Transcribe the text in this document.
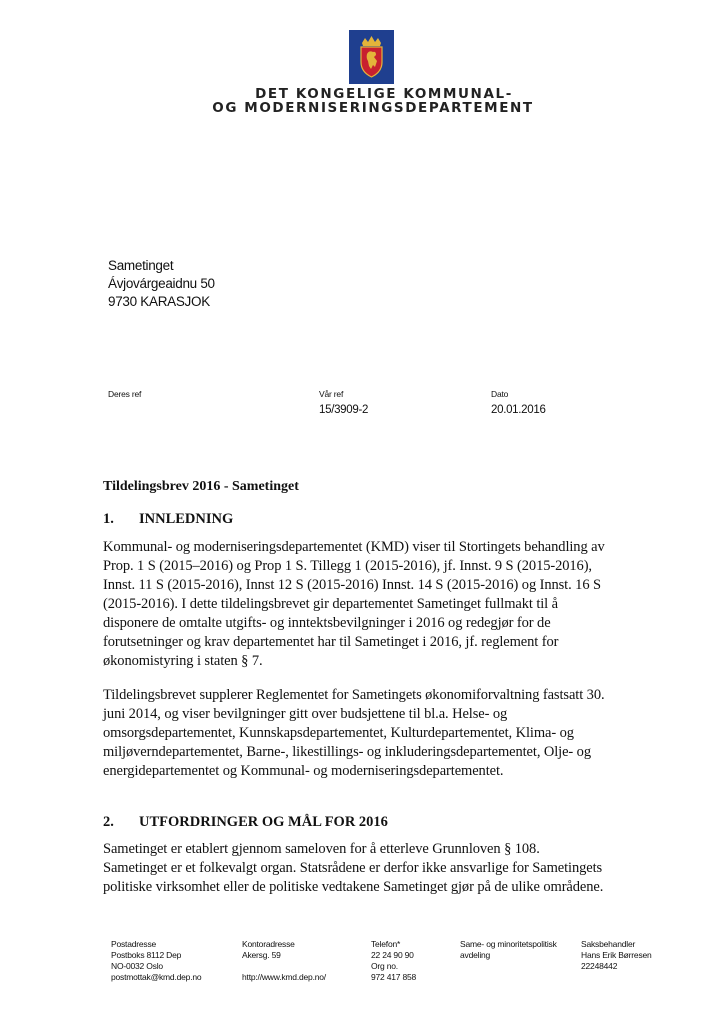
DET KONGELIGE KOMMUNAL-
OG MODERNISERINGSDEPARTEMENT
Sametinget
Ávjovárgeaidnu 50
9730 KARASJOK
Deres ref	Vår ref
15/3909-2
Dato
20.01.2016
Tildelingsbrev 2016 - Sametinget
1. INNLEDNING
Kommunal- og moderniseringsdepartementet (KMD) viser til Stortingets behandling av
Prop. 1 S (2015–2016) og Prop 1 S. Tillegg 1 (2015-2016), jf. Innst. 9 S (2015-2016),
Innst. 11 S (2015-2016), Innst 12 S (2015-2016) Innst. 14 S (2015-2016) og Innst. 16 S
(2015-2016). I dette tildelingsbrevet gir departementet Sametinget fullmakt til å
disponere de omtalte utgifts- og inntektsbevilgninger i 2016 og redegjør for de
forutsetninger og krav departementet har til Sametinget i 2016, jf. reglement for
økonomistyring i staten § 7.
Tildelingsbrevet supplerer Reglementet for Sametingets økonomiforvaltning fastsatt 30.
juni 2014, og viser bevilgninger gitt over budsjettene til bl.a. Helse- og
omsorgsdepartementet, Kunnskapsdepartementet, Kulturdepartementet, Klima- og
miljøverndepartementet, Barne-, likestillings- og inkluderingsdepartementet, Olje- og
energidepartementet og Kommunal- og moderniseringsdepartementet.
2. UTFORDRINGER OG MÅL FOR 2016
Sametinget er etablert gjennom sameloven for å etterleve Grunnloven § 108.
Sametinget er et folkevalgt organ. Statsrådene er derfor ikke ansvarlige for Sametingets
politiske virksomhet eller de politiske vedtakene Sametinget gjør på de ulike områdene.
Postadresse
Postboks 8112 Dep
NO-0032 Oslo
postmottak@kmd.dep.no
Kontoradresse
Akersg. 59

http://www.kmd.dep.no/
Telefon*
22 24 90 90
Org no.
972 417 858
Same- og minoritetspolitisk
avdeling
Saksbehandler
Hans Erik Børresen
22248442
